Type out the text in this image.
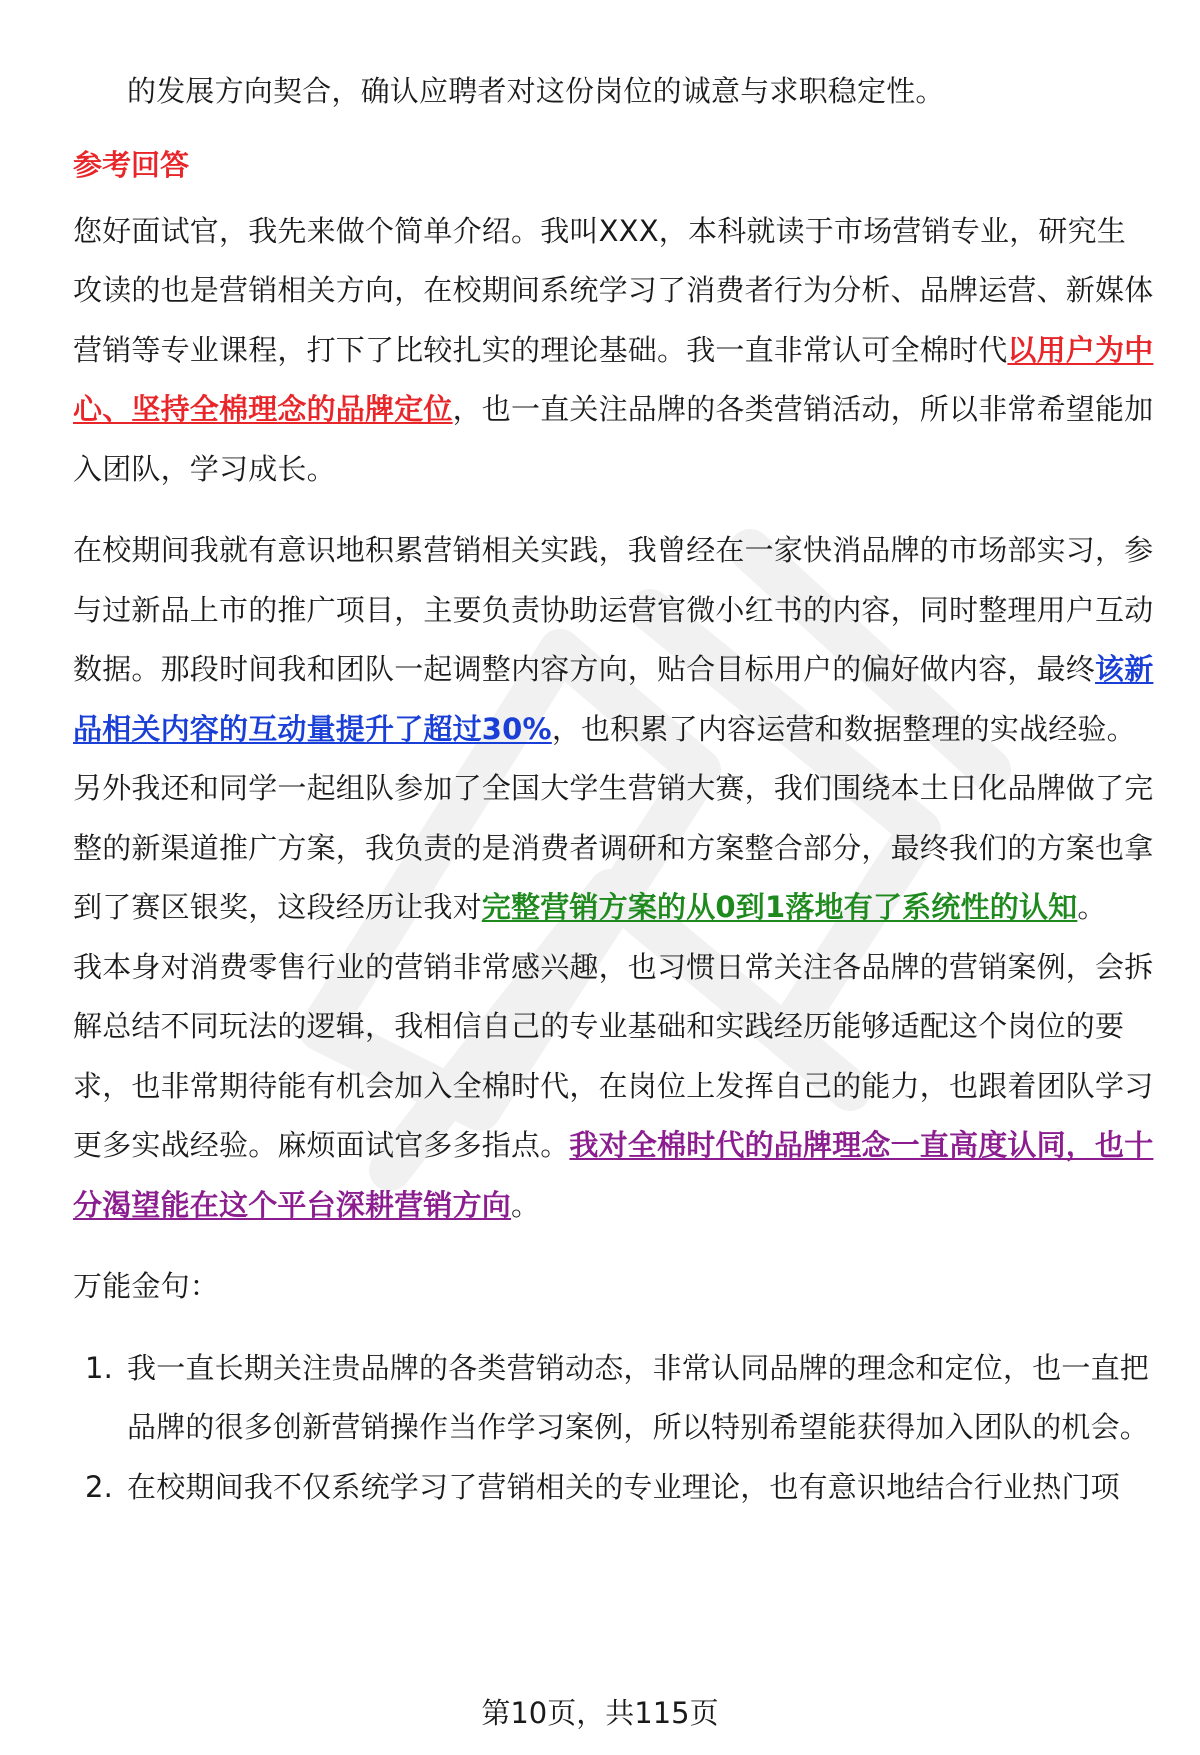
的发展方向契合，确认应聘者对这份岗位的诚意与求职稳定性。

参考回答

您好面试官，我先来做个简单介绍。我叫XXX，本科就读于市场营销专业，研究生攻读的也是营销相关方向，在校期间系统学习了消费者行为分析、品牌运营、新媒体营销等专业课程，打下了比较扎实的理论基础。我一直非常认可全棉时代以用户为中心、坚持全棉理念的品牌定位，也一直关注品牌的各类营销活动，所以非常希望能加入团队，学习成长。

在校期间我就有意识地积累营销相关实践，我曾经在一家快消品牌的市场部实习，参与过新品上市的推广项目，主要负责协助运营官微小红书的内容，同时整理用户互动数据。那段时间我和团队一起调整内容方向，贴合目标用户的偏好做内容，最终该新品相关内容的互动量提升了超过30%，也积累了内容运营和数据整理的实战经验。另外我还和同学一起组队参加了全国大学生营销大赛，我们围绕本土日化品牌做了完整的新渠道推广方案，我负责的是消费者调研和方案整合部分，最终我们的方案也拿到了赛区银奖，这段经历让我对完整营销方案的从0到1落地有了系统性的认知。

我本身对消费零售行业的营销非常感兴趣，也习惯日常关注各品牌的营销案例，会拆解总结不同玩法的逻辑，我相信自己的专业基础和实践经历能够适配这个岗位的要求，也非常期待能有机会加入全棉时代，在岗位上发挥自己的能力，也跟着团队学习更多实战经验。麻烦面试官多多指点。我对全棉时代的品牌理念一直高度认同，也十分渴望能在这个平台深耕营销方向。

万能金句：

1. 我一直长期关注贵品牌的各类营销动态，非常认同品牌的理念和定位，也一直把品牌的很多创新营销操作当作学习案例，所以特别希望能获得加入团队的机会。
2. 在校期间我不仅系统学习了营销相关的专业理论，也有意识地结合行业热门项
第10页，共115页
